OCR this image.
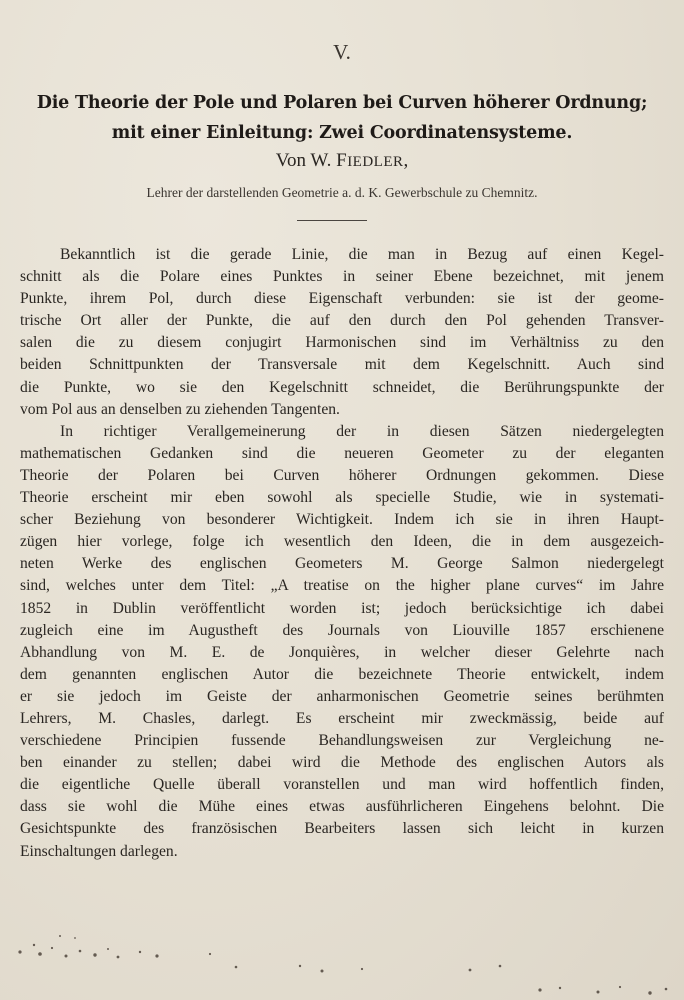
V.
Die Theorie der Pole und Polaren bei Curven höherer Ordnung;
mit einer Einleitung: Zwei Coordinatensysteme.
Von W. FIEDLER,
Lehrer der darstellenden Geometrie a. d. K. Gewerbschule zu Chemnitz.
Bekanntlich ist die gerade Linie, die man in Bezug auf einen Kegel-
schnitt als die Polare eines Punktes in seiner Ebene bezeichnet, mit jenem
Punkte, ihrem Pol, durch diese Eigenschaft verbunden: sie ist der geome-
trische Ort aller der Punkte, die auf den durch den Pol gehenden Transver-
salen die zu diesem conjugirt Harmonischen sind im Verhältniss zu den
beiden Schnittpunkten der Transversale mit dem Kegelschnitt. Auch sind
die Punkte, wo sie den Kegelschnitt schneidet, die Berührungspunkte der
vom Pol aus an denselben zu ziehenden Tangenten.
In richtiger Verallgemeinerung der in diesen Sätzen niedergelegten
mathematischen Gedanken sind die neueren Geometer zu der eleganten
Theorie der Polaren bei Curven höherer Ordnungen gekommen. Diese
Theorie erscheint mir eben sowohl als specielle Studie, wie in systemati-
scher Beziehung von besonderer Wichtigkeit. Indem ich sie in ihren Haupt-
zügen hier vorlege, folge ich wesentlich den Ideen, die in dem ausgezeich-
neten Werke des englischen Geometers M. George Salmon niedergelegt
sind, welches unter dem Titel: „A treatise on the higher plane curves“ im Jahre
1852 in Dublin veröffentlicht worden ist; jedoch berücksichtige ich dabei
zugleich eine im Augustheft des Journals von Liouville 1857 erschienene
Abhandlung von M. E. de Jonquières, in welcher dieser Gelehrte nach
dem genannten englischen Autor die bezeichnete Theorie entwickelt, indem
er sie jedoch im Geiste der anharmonischen Geometrie seines berühmten
Lehrers, M. Chasles, darlegt. Es erscheint mir zweckmässig, beide auf
verschiedene Principien fussende Behandlungsweisen zur Vergleichung ne-
ben einander zu stellen; dabei wird die Methode des englischen Autors als
die eigentliche Quelle überall voranstellen und man wird hoffentlich finden,
dass sie wohl die Mühe eines etwas ausführlicheren Eingehens belohnt. Die
Gesichtspunkte des französischen Bearbeiters lassen sich leicht in kurzen
Einschaltungen darlegen.
